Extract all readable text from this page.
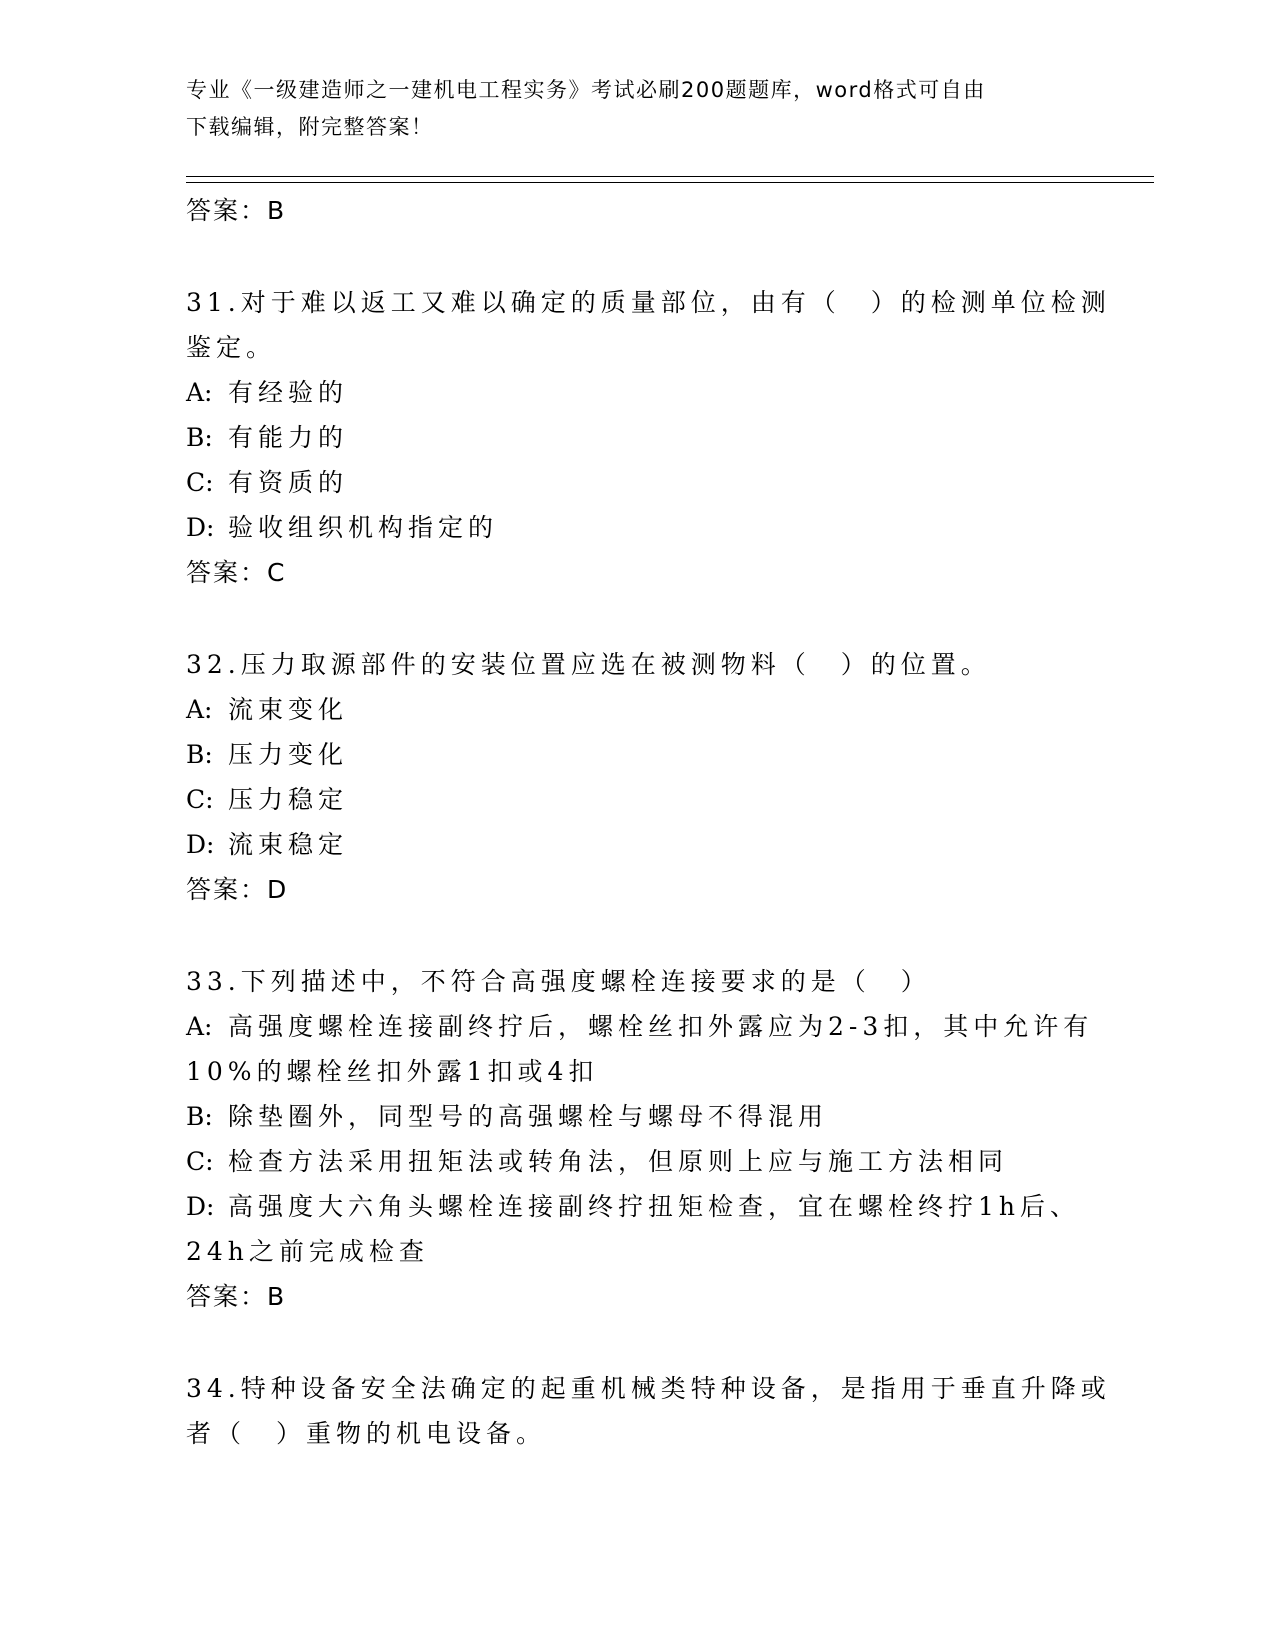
专业《一级建造师之一建机电工程实务》考试必刷200题题库，word格式可自由
下载编辑，附完整答案！
答案：B
31.对于难以返工又难以确定的质量部位，由有（　）的检测单位检测
鉴定。
A: 有经验的
B: 有能力的
C: 有资质的
D: 验收组织机构指定的
答案：C
32.压力取源部件的安装位置应选在被测物料（　）的位置。
A: 流束变化
B: 压力变化
C: 压力稳定
D: 流束稳定
答案：D
33.下列描述中，不符合高强度螺栓连接要求的是（　）
A: 高强度螺栓连接副终拧后，螺栓丝扣外露应为2-3扣，其中允许有
10%的螺栓丝扣外露1扣或4扣
B: 除垫圈外，同型号的高强螺栓与螺母不得混用
C: 检查方法采用扭矩法或转角法，但原则上应与施工方法相同
D: 高强度大六角头螺栓连接副终拧扭矩检查，宜在螺栓终拧1h后、
24h之前完成检查
答案：B
34.特种设备安全法确定的起重机械类特种设备，是指用于垂直升降或
者（　）重物的机电设备。
